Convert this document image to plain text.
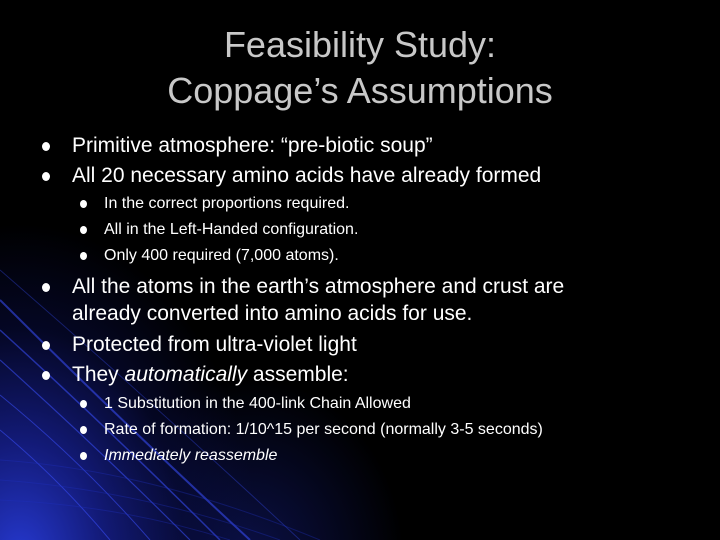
Feasibility Study:
Coppage’s Assumptions
Primitive atmosphere: “pre-biotic soup”
All 20 necessary amino acids have already formed
In the correct proportions required.
All in the Left-Handed configuration.
Only 400 required (7,000 atoms).
All the atoms in the earth’s atmosphere and crust are
already converted into amino acids for use.
Protected from ultra-violet light
They automatically assemble:
1 Substitution in the 400-link Chain Allowed
Rate of formation: 1/10^15 per second (normally 3-5 seconds)
Immediately reassemble
